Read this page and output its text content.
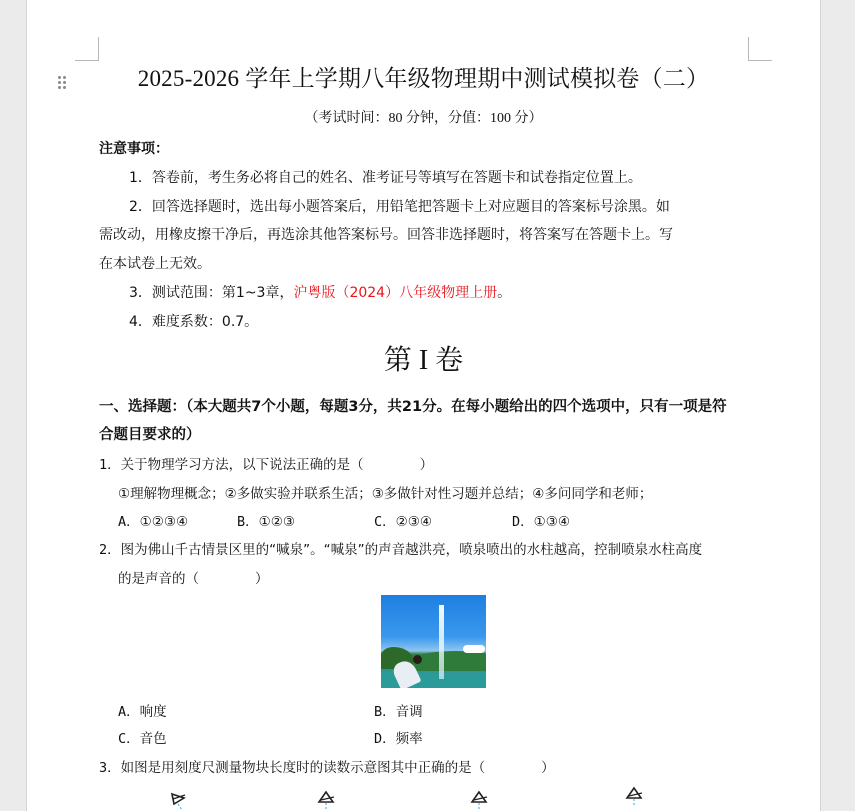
2025-2026 学年上学期八年级物理期中测试模拟卷（二）
（考试时间：80 分钟，分值：100 分）
注意事项：
1．答卷前，考生务必将自己的姓名、准考证号等填写在答题卡和试卷指定位置上。
2．回答选择题时，选出每小题答案后，用铅笔把答题卡上对应题目的答案标号涂黑。如
需改动，用橡皮擦干净后，再选涂其他答案标号。回答非选择题时，将答案写在答题卡上。写
在本试卷上无效。
3．测试范围：第1~3章，沪粤版（2024）八年级物理上册。
4．难度系数：0.7。
第 I 卷
一、选择题：（本大题共7个小题，每题3分，共21分。在每小题给出的四个选项中，只有一项是符
合题目要求的）
1．关于物理学习方法，以下说法正确的是（	）
①理解物理概念；②多做实验并联系生活；③多做针对性习题并总结；④多问同学和老师；
A．①②③④	B．①②③	C．②③④	D．①③④
2．图为佛山千古情景区里的“喊泉”。“喊泉”的声音越洪亮，喷泉喷出的水柱越高，控制喷泉水柱高度
的是声音的（	）
A．响度	B．音调
C．音色	D．频率
3．如图是用刻度尺测量物块长度时的读数示意图其中正确的是（	）
